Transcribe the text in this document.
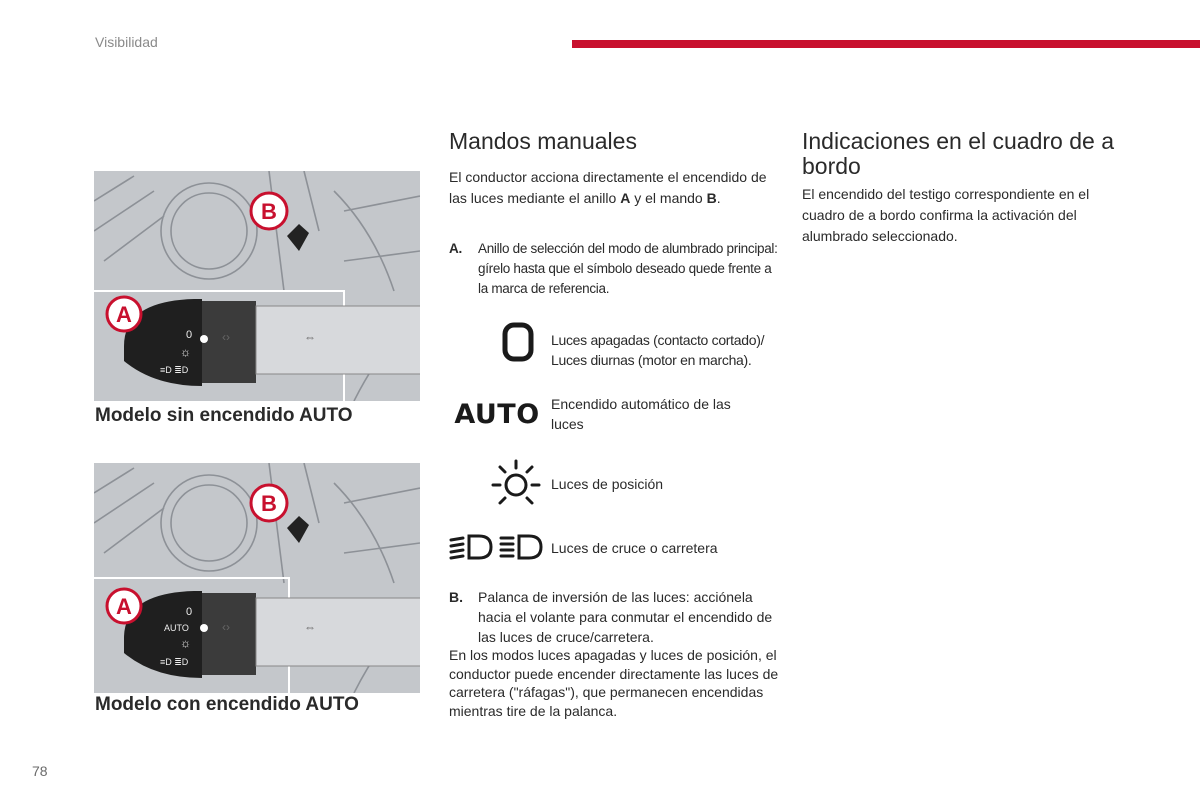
Visibilidad
B
0
☼
≡D ≣D
‹›	⇔
A
Modelo sin encendido AUTO
B
0
AUTO
☼
≡D ≣D
‹›	⇔
A
Modelo con encendido AUTO
Mandos manuales
El conductor acciona directamente el encendido de las luces mediante el anillo A y el mando B.
A. Anillo de selección del modo de alumbrado principal: gírelo hasta que el símbolo deseado quede frente a la marca de referencia.
Luces apagadas (contacto cortado)/ Luces diurnas (motor en marcha).
AUTO Encendido automático de las luces
Luces de posición
Luces de cruce o carretera
B. Palanca de inversión de las luces: acciónela hacia el volante para conmutar el encendido de las luces de cruce/carretera.
En los modos luces apagadas y luces de posición, el conductor puede encender directamente las luces de carretera ("ráfagas"), que permanecen encendidas mientras tire de la palanca.
Indicaciones en el cuadro de a bordo
El encendido del testigo correspondiente en el cuadro de a bordo confirma la activación del alumbrado seleccionado.
78
